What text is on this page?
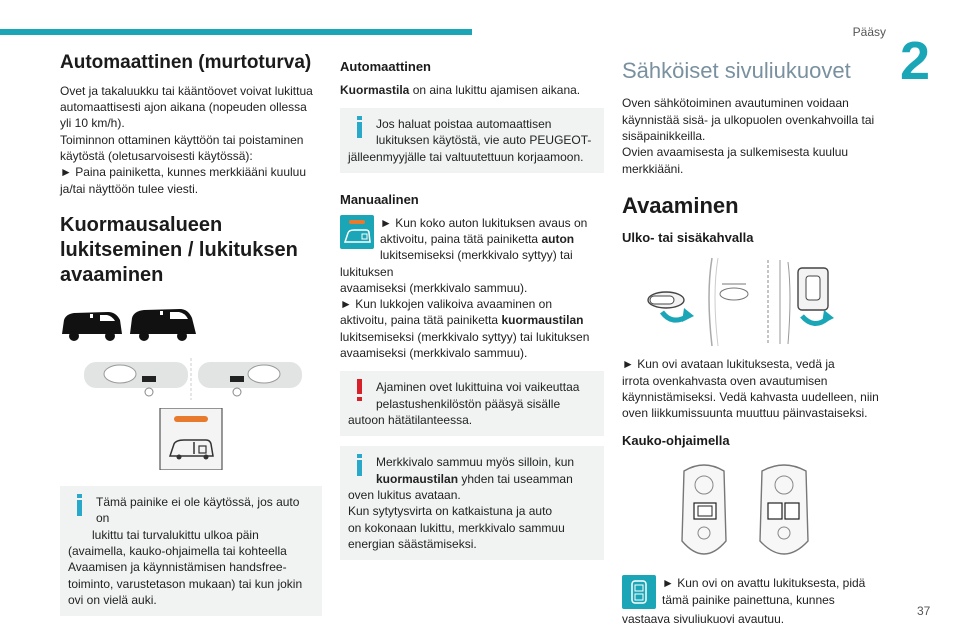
Pääsy 2
37
Automaattinen (murtoturva)

Ovet ja takaluukku tai kääntöovet voivat lukittua
automaattisesti ajon aikana (nopeuden ollessa
yli 10 km/h).
Toiminnon ottaminen käyttöön tai poistaminen
käytöstä (oletusarvoisesti käytössä):
► Paina painiketta, kunnes merkkiääni kuuluu
ja/tai näyttöön tulee viesti.

Kuormausalueen
lukitseminen / lukituksen
avaaminen
Tämä painike ei ole käytössä, jos auto on
lukittu tai turvalukittu ulkoa päin
(avaimella, kauko-ohjaimella tai kohteella
Avaamisen ja käynnistämisen handsfree-
toiminto, varustetason mukaan) tai kun jokin
ovi on vielä auki.
Automaattinen

Kuormastila on aina lukittu ajamisen aikana.

Jos haluat poistaa automaattisen
lukituksen käytöstä, vie auto PEUGEOT-
jälleenmyyjälle tai valtuutettuun korjaamoon.
Manuaalinen
► Kun koko auton lukituksen avaus on
aktivoitu, paina tätä painiketta auton
lukitsemiseksi (merkkivalo syttyy) tai lukituksen
avaamiseksi (merkkivalo sammuu).
► Kun lukkojen valikoiva avaaminen on
aktivoitu, paina tätä painiketta kuormaustilan
lukitsemiseksi (merkkivalo syttyy) tai lukituksen
avaamiseksi (merkkivalo sammuu).
Ajaminen ovet lukittuina voi vaikeuttaa
pelastushenkilöstön pääsyä sisälle
autoon hätätilanteessa.
Merkkivalo sammuu myös silloin, kun
kuormaustilan yhden tai useamman
oven lukitus avataan.
Kun sytytysvirta on katkaistuna ja auto
on kokonaan lukittu, merkkivalo sammuu
energian säästämiseksi.
Sähköiset sivuliukuovet

Oven sähkötoiminen avautuminen voidaan
käynnistää sisä- ja ulkopuolen ovenkahvoilla tai
sisäpainikkeilla.
Ovien avaamisesta ja sulkemisesta kuuluu
merkkiääni.

Avaaminen
Ulko- tai sisäkahvalla

► Kun ovi avataan lukituksesta, vedä ja
irrota ovenkahvasta oven avautumisen
käynnistämiseksi. Vedä kahvasta uudelleen, niin
oven liikkumissuunta muuttuu päinvastaiseksi.

Kauko-ohjaimella
► Kun ovi on avattu lukituksesta, pidä
tämä painike painettuna, kunnes
vastaava sivuliukuovi avautuu.
